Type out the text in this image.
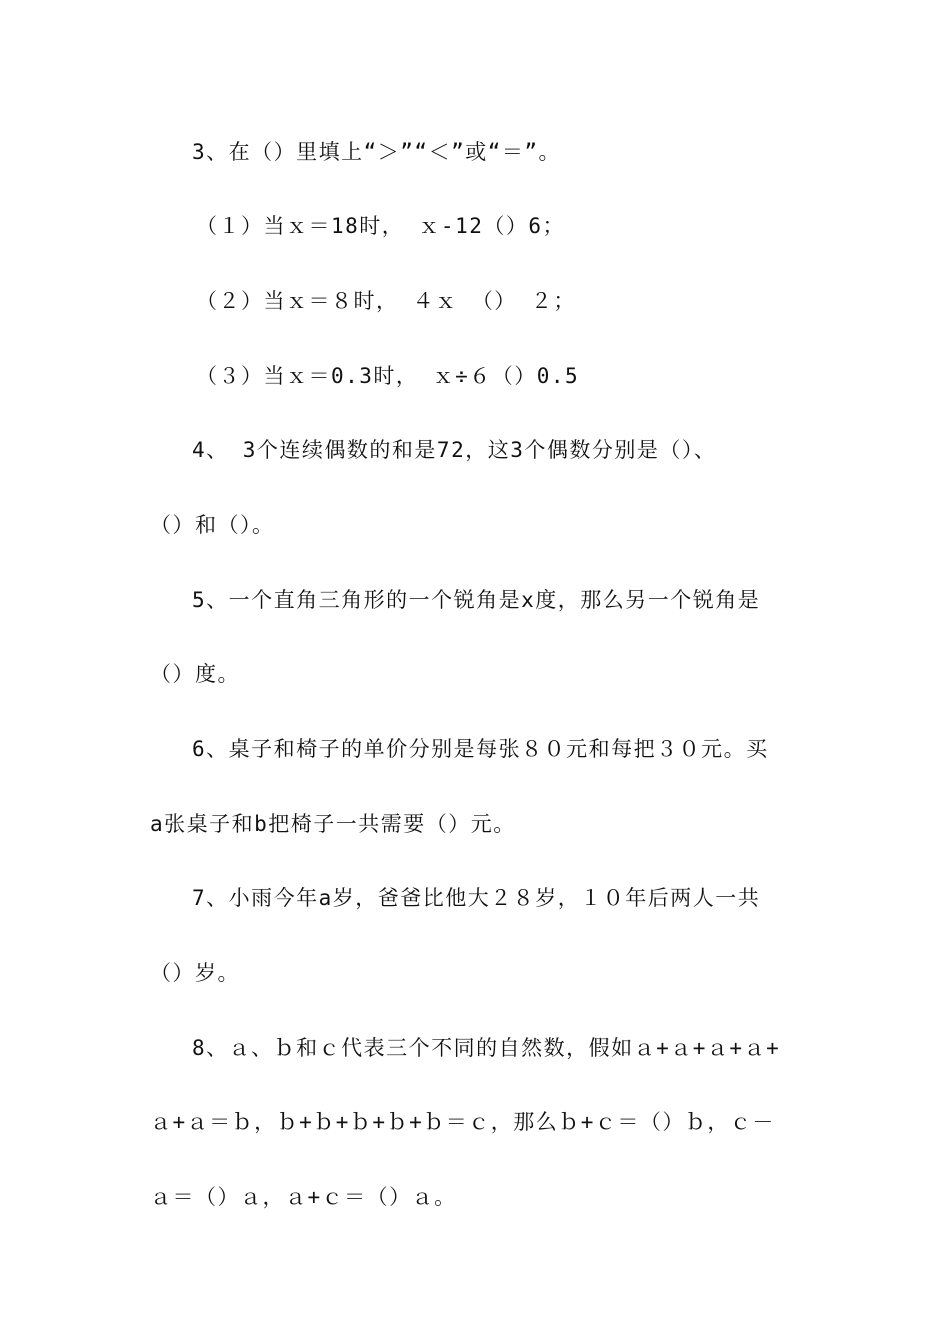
3、在（）里填上“＞”“＜”或“＝”。
（１）当ｘ＝18时， ｘ-12（）6；
（２）当ｘ＝８时， ４ｘ （） ２；
（３）当ｘ＝0.3时， ｘ÷６（）0.5
4、 3个连续偶数的和是72，这3个偶数分别是（）、
（）和（）。
5、一个直角三角形的一个锐角是x度，那么另一个锐角是
（）度。
6、桌子和椅子的单价分别是每张８０元和每把３０元。买
a张桌子和b把椅子一共需要（）元。
7、小雨今年a岁，爸爸比他大２８岁，１０年后两人一共
（）岁。
8、ａ、ｂ和ｃ代表三个不同的自然数，假如ａ+ａ+ａ+ａ+
ａ+ａ＝ｂ，ｂ+ｂ+ｂ+ｂ+ｂ＝ｃ，那么ｂ+ｃ＝（）ｂ，ｃ－
ａ＝（）ａ，ａ+ｃ＝（）ａ。
